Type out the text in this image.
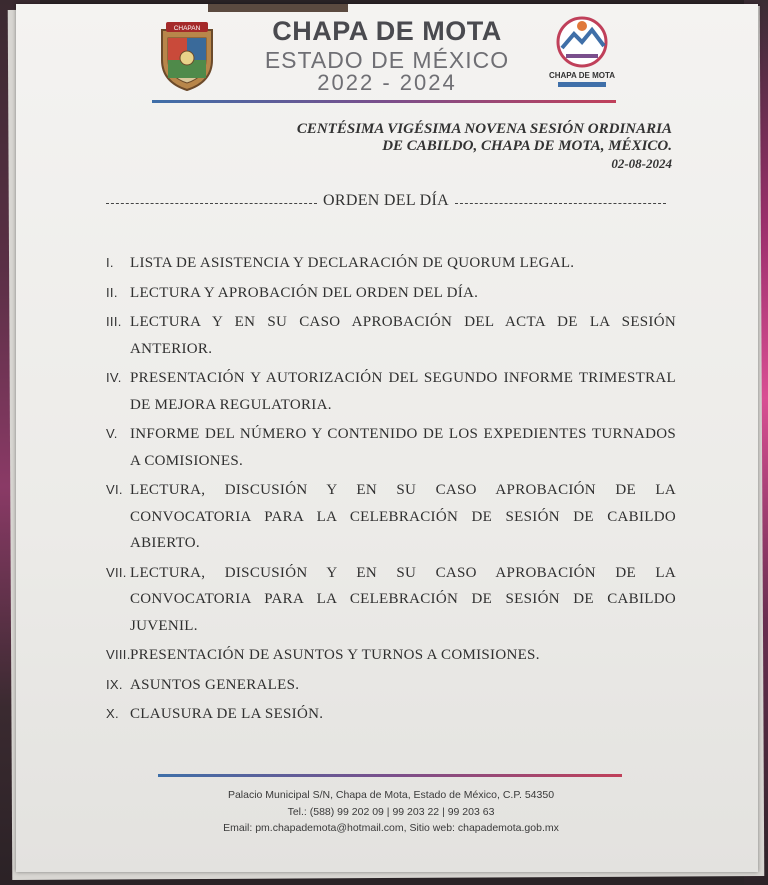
CHAPAN	CHAPA DE MOTA
ESTADO DE MÉXICO
2022 - 2024	CHAPA DE MOTA
CENTÉSIMA VIGÉSIMA NOVENA SESIÓN ORDINARIA
DE CABILDO, CHAPA DE MOTA, MÉXICO.
02-08-2024
ORDEN DEL DÍA
I. LISTA DE ASISTENCIA Y DECLARACIÓN DE QUORUM LEGAL.
II. LECTURA Y APROBACIÓN DEL ORDEN DEL DÍA.
III. LECTURA Y EN SU CASO APROBACIÓN DEL ACTA DE LA SESIÓN ANTERIOR.
IV. PRESENTACIÓN Y AUTORIZACIÓN DEL SEGUNDO INFORME TRIMESTRAL DE MEJORA REGULATORIA.
V. INFORME DEL NÚMERO Y CONTENIDO DE LOS EXPEDIENTES TURNADOS A COMISIONES.
VI. LECTURA, DISCUSIÓN Y EN SU CASO APROBACIÓN DE LA CONVOCATORIA PARA LA CELEBRACIÓN DE SESIÓN DE CABILDO ABIERTO.
VII. LECTURA, DISCUSIÓN Y EN SU CASO APROBACIÓN DE LA CONVOCATORIA PARA LA CELEBRACIÓN DE SESIÓN DE CABILDO JUVENIL.
VIII. PRESENTACIÓN DE ASUNTOS Y TURNOS A COMISIONES.
IX. ASUNTOS GENERALES.
X. CLAUSURA DE LA SESIÓN.
Palacio Municipal S/N, Chapa de Mota, Estado de México, C.P. 54350
Tel.: (588) 99 202 09 | 99 203 22 | 99 203 63
Email: pm.chapademota@hotmail.com, Sitio web: chapademota.gob.mx
